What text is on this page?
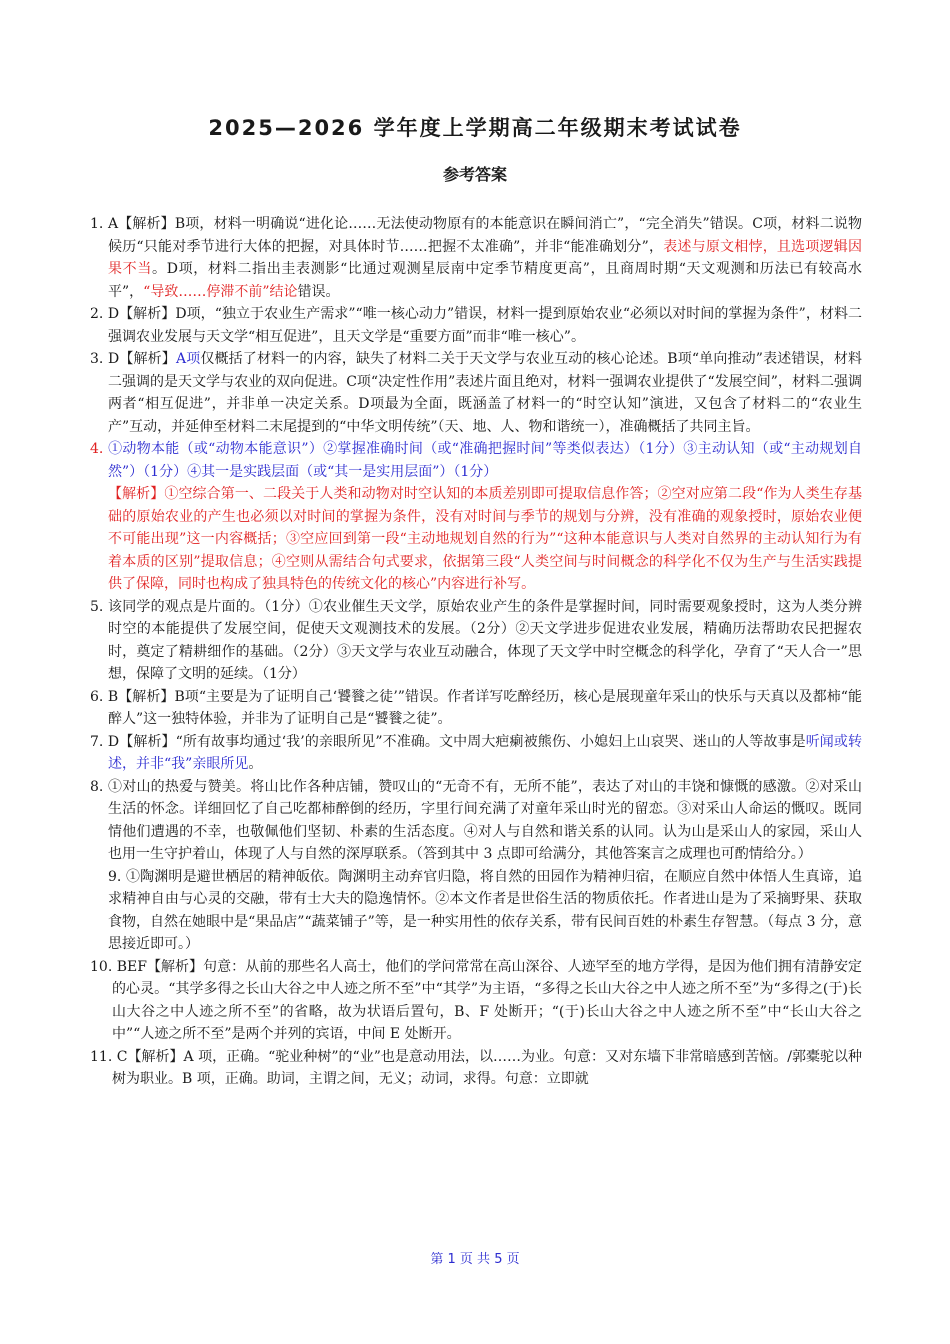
2025—2026 学年度上学期高二年级期末考试试卷
参考答案

1. A【解析】B项，材料一明确说“进化论……无法使动物原有的本能意识在瞬间消亡”，“完全消失”错误。C项，材料二说物候历“只能对季节进行大体的把握，对具体时节……把握不太准确”，并非“能准确划分”，表述与原文相悖，且选项逻辑因果不当。D项，材料二指出圭表测影“比通过观测星辰南中定季节精度更高”，且商周时期“天文观测和历法已有较高水平”，“导致……停滞不前”结论错误。

2. D【解析】D项，“独立于农业生产需求”“唯一核心动力”错误，材料一提到原始农业“必须以对时间的掌握为条件”，材料二强调农业发展与天文学“相互促进”，且天文学是“重要方面”而非“唯一核心”。

3. D【解析】A项仅概括了材料一的内容，缺失了材料二关于天文学与农业互动的核心论述。B项“单向推动”表述错误，材料二强调的是天文学与农业的双向促进。C项“决定性作用”表述片面且绝对，材料一强调农业提供了“发展空间”，材料二强调两者“相互促进”，并非单一决定关系。D项最为全面，既涵盖了材料一的“时空认知”演进，又包含了材料二的“农业生产”互动，并延伸至材料二末尾提到的“中华文明传统”（天、地、人、物和谐统一），准确概括了共同主旨。

4. ①动物本能（或“动物本能意识”）②掌握准确时间（或“准确把握时间”等类似表达）（1分）③主动认知（或“主动规划自然”）（1分）④其一是实践层面（或“其一是实用层面”）（1分）

【解析】①空综合第一、二段关于人类和动物对时空认知的本质差别即可提取信息作答；②空对应第二段“作为人类生存基础的原始农业的产生也必须以对时间的掌握为条件，没有对时间与季节的规划与分辨，没有准确的观象授时，原始农业便不可能出现”这一内容概括；③空应回到第一段“主动地规划自然的行为”“这种本能意识与人类对自然界的主动认知行为有着本质的区别”提取信息；④空则从需结合句式要求，依据第三段“人类空间与时间概念的科学化不仅为生产与生活实践提供了保障，同时也构成了独具特色的传统文化的核心”内容进行补写。

5. 该同学的观点是片面的。（1分）①农业催生天文学，原始农业产生的条件是掌握时间，同时需要观象授时，这为人类分辨时空的本能提供了发展空间，促使天文观测技术的发展。（2分）②天文学进步促进农业发展，精确历法帮助农民把握农时，奠定了精耕细作的基础。（2分）③天文学与农业互动融合，体现了天文学中时空概念的科学化，孕育了“天人合一”思想，保障了文明的延续。（1分）

6. B【解析】B项“主要是为了证明自己‘饕餮之徒’”错误。作者详写吃醉经历，核心是展现童年采山的快乐与天真以及都柿“能醉人”这一独特体验，并非为了证明自己是“饕餮之徒”。

7. D【解析】“所有故事均通过‘我’的亲眼所见”不准确。文中周大疤瘌被熊伤、小媳妇上山哀哭、迷山的人等故事是听闻或转述，并非“我”亲眼所见。

8. ①对山的热爱与赞美。将山比作各种店铺，赞叹山的“无奇不有，无所不能”，表达了对山的丰饶和慷慨的感激。②对采山生活的怀念。详细回忆了自己吃都柿醉倒的经历，字里行间充满了对童年采山时光的留恋。③对采山人命运的慨叹。既同情他们遭遇的不幸，也敬佩他们坚韧、朴素的生活态度。④对人与自然和谐关系的认同。认为山是采山人的家园，采山人也用一生守护着山，体现了人与自然的深厚联系。（答到其中 3 点即可给满分，其他答案言之成理也可酌情给分。）

9. ①陶渊明是避世栖居的精神皈依。陶渊明主动弃官归隐，将自然的田园作为精神归宿，在顺应自然中体悟人生真谛，追求精神自由与心灵的交融，带有士大夫的隐逸情怀。②本文作者是世俗生活的物质依托。作者进山是为了采摘野果、获取食物，自然在她眼中是“果品店”“蔬菜铺子”等，是一种实用性的依存关系，带有民间百姓的朴素生存智慧。（每点 3 分，意思接近即可。）

10. BEF【解析】句意：从前的那些名人高士，他们的学问常常在高山深谷、人迹罕至的地方学得，是因为他们拥有清静安定的心灵。“其学多得之长山大谷之中人迹之所不至”中“其学”为主语，“多得之长山大谷之中人迹之所不至”为“多得之(于)长山大谷之中人迹之所不至”的省略，故为状语后置句，B、F 处断开；“(于)长山大谷之中人迹之所不至”中“长山大谷之中”“人迹之所不至”是两个并列的宾语，中间 E 处断开。

11. C【解析】A 项，正确。“驼业种树”的“业”也是意动用法，以……为业。句意：又对东墙下非常暗感到苦恼。/郭橐驼以种树为职业。B 项，正确。助词，主谓之间，无义；动词，求得。句意：立即就

第 1 页 共 5 页
